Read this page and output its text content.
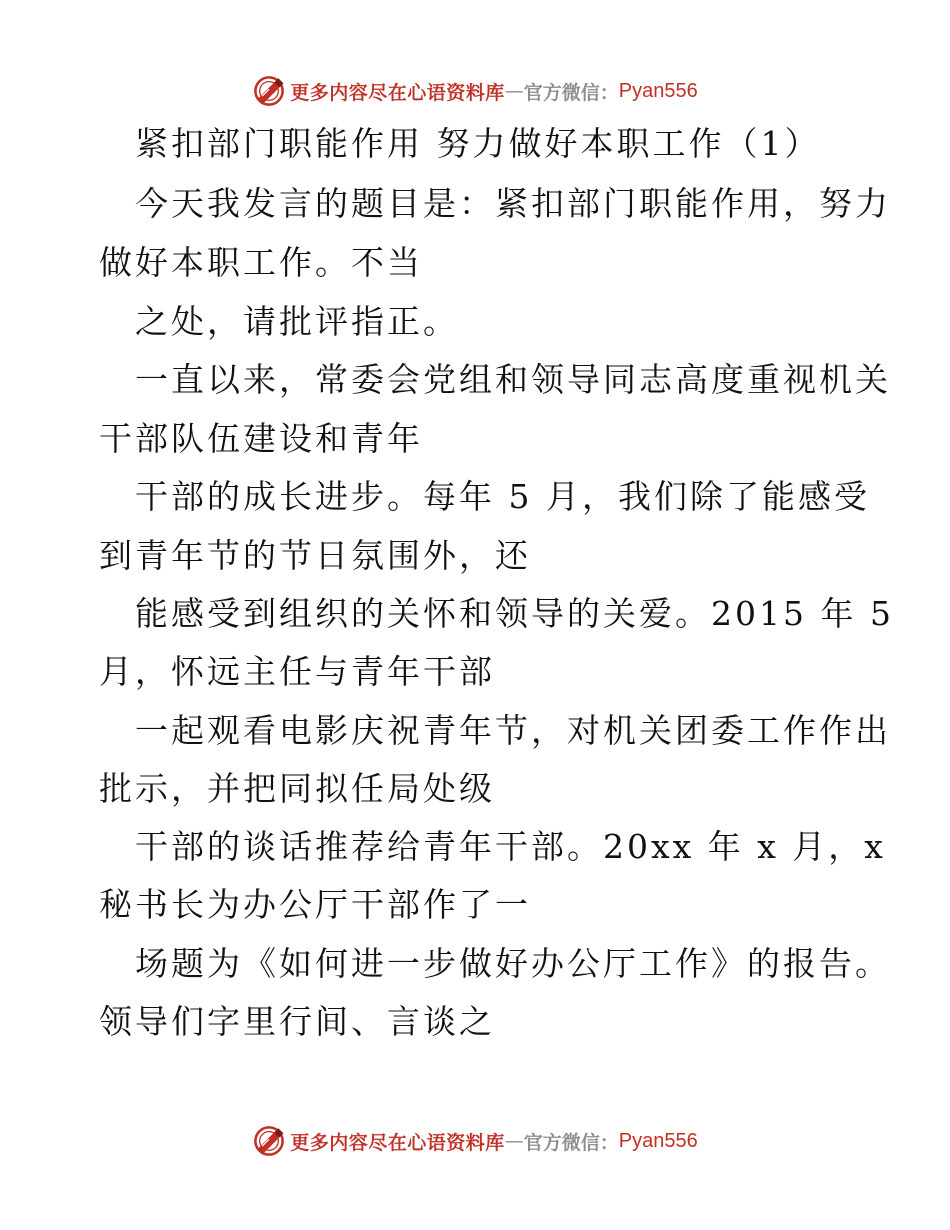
更多内容尽在心语资料库 — 官方微信： Pyan556
紧扣部门职能作用 努力做好本职工作（1）
今天我发言的题目是：紧扣部门职能作用，努力
做好本职工作。不当
之处，请批评指正。
一直以来，常委会党组和领导同志高度重视机关
干部队伍建设和青年
干部的成长进步。每年 5 月，我们除了能感受
到青年节的节日氛围外，还
能感受到组织的关怀和领导的关爱。2015 年 5
月，怀远主任与青年干部
一起观看电影庆祝青年节，对机关团委工作作出
批示，并把同拟任局处级
干部的谈话推荐给青年干部。20xx 年 x 月，x
秘书长为办公厅干部作了一
场题为《如何进一步做好办公厅工作》的报告。
领导们字里行间、言谈之
更多内容尽在心语资料库 — 官方微信： Pyan556
